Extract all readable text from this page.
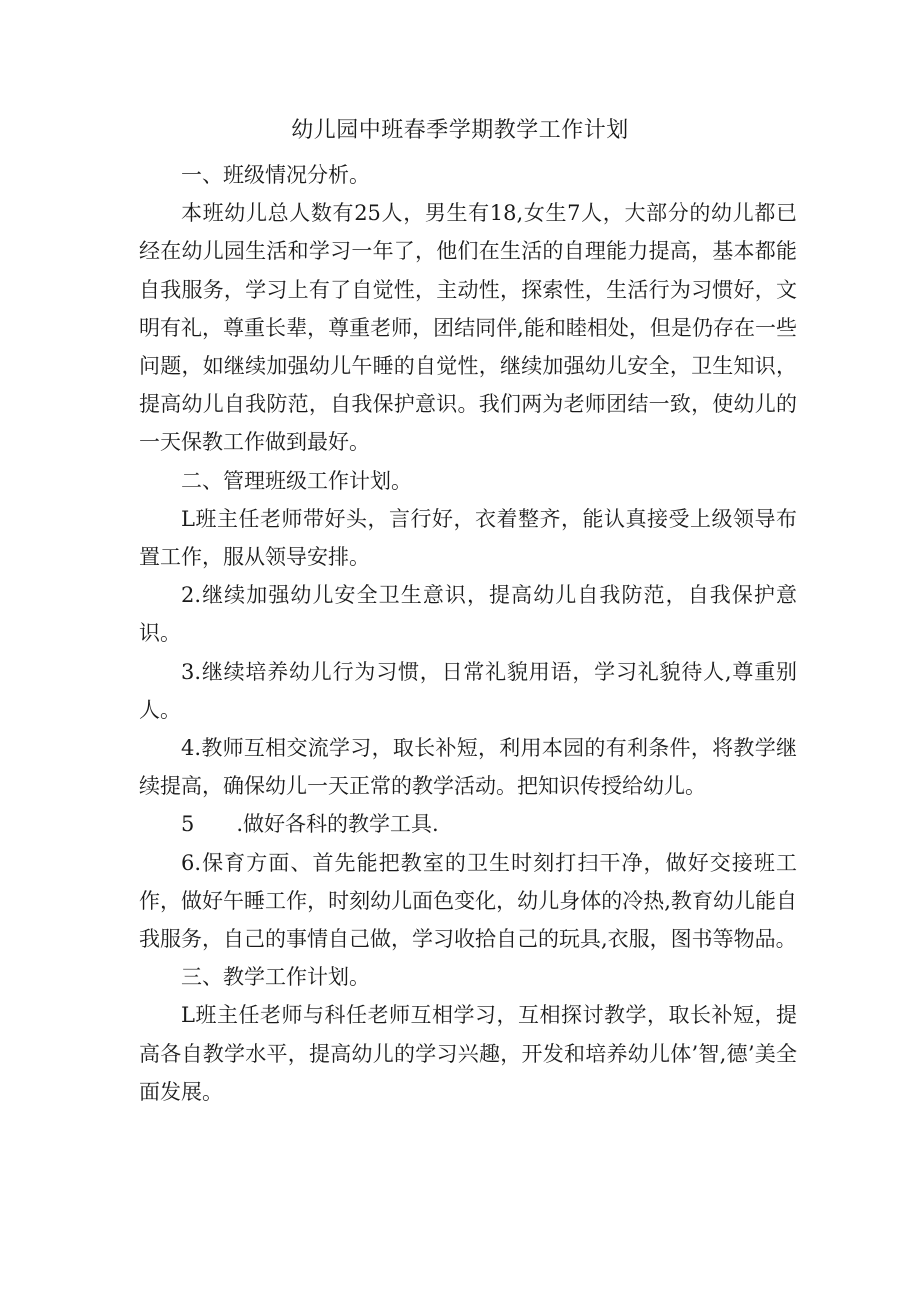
幼儿园中班春季学期教学工作计划

一、班级情况分析。

本班幼儿总人数有25人，男生有18,女生7人，大部分的幼儿都已经在幼儿园生活和学习一年了，他们在生活的自理能力提高，基本都能自我服务，学习上有了自觉性，主动性，探索性，生活行为习惯好，文明有礼，尊重长辈，尊重老师，团结同伴,能和睦相处，但是仍存在一些问题，如继续加强幼儿午睡的自觉性，继续加强幼儿安全，卫生知识，提高幼儿自我防范，自我保护意识。我们两为老师团结一致，使幼儿的一天保教工作做到最好。

二、管理班级工作计划。

L班主任老师带好头，言行好，衣着整齐，能认真接受上级领导布置工作，服从领导安排。

2.继续加强幼儿安全卫生意识，提高幼儿自我防范，自我保护意识。

3.继续培养幼儿行为习惯，日常礼貌用语，学习礼貌待人,尊重别人。

4.教师互相交流学习，取长补短，利用本园的有利条件，将教学继续提高，确保幼儿一天正常的教学活动。把知识传授给幼儿。

5　　.做好各科的教学工具.

6.保育方面、首先能把教室的卫生时刻打扫干净，做好交接班工作，做好午睡工作，时刻幼儿面色变化，幼儿身体的冷热,教育幼儿能自我服务，自己的事情自己做，学习收拾自己的玩具,衣服，图书等物品。

三、教学工作计划。

L班主任老师与科任老师互相学习，互相探讨教学，取长补短，提高各自教学水平，提高幼儿的学习兴趣，开发和培养幼儿体’智,德’美全面发展。
